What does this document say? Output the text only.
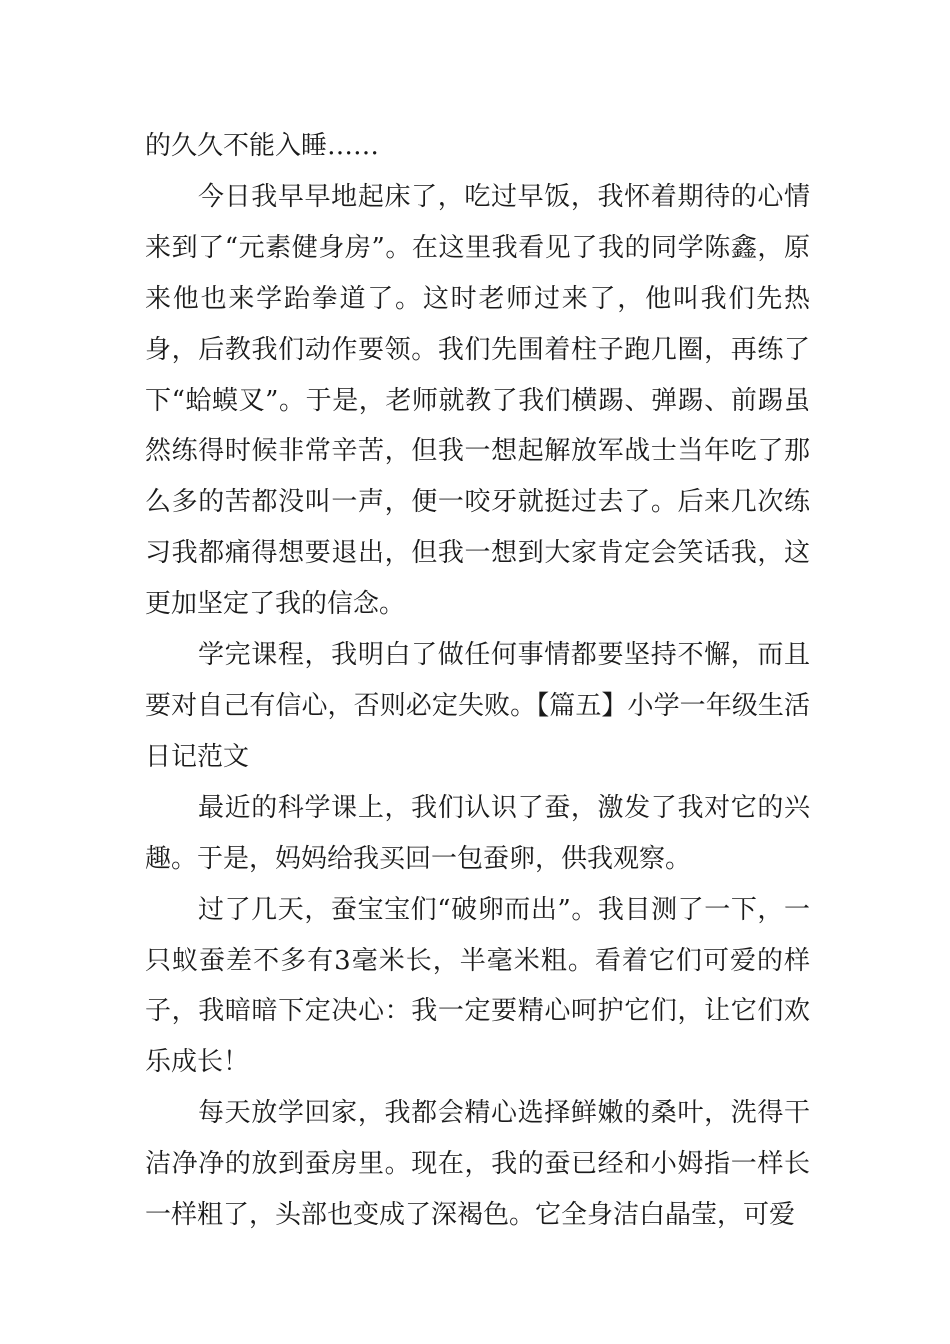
的久久不能入睡……

今日我早早地起床了，吃过早饭，我怀着期待的心情来到了“元素健身房”。在这里我看见了我的同学陈鑫，原来他也来学跆拳道了。这时老师过来了，他叫我们先热身，后教我们动作要领。我们先围着柱子跑几圈，再练了下“蛤蟆叉”。于是，老师就教了我们横踢、弹踢、前踢虽然练得时候非常辛苦，但我一想起解放军战士当年吃了那么多的苦都没叫一声，便一咬牙就挺过去了。后来几次练习我都痛得想要退出，但我一想到大家肯定会笑话我，这更加坚定了我的信念。

学完课程，我明白了做任何事情都要坚持不懈，而且要对自己有信心，否则必定失败。【篇五】小学一年级生活日记范文

最近的科学课上，我们认识了蚕，激发了我对它的兴趣。于是，妈妈给我买回一包蚕卵，供我观察。

过了几天，蚕宝宝们“破卵而出”。我目测了一下，一只蚁蚕差不多有3毫米长，半毫米粗。看着它们可爱的样子，我暗暗下定决心：我一定要精心呵护它们，让它们欢乐成长！

每天放学回家，我都会精心选择鲜嫩的桑叶，洗得干洁净净的放到蚕房里。现在，我的蚕已经和小姆指一样长一样粗了，头部也变成了深褐色。它全身洁白晶莹，可爱
